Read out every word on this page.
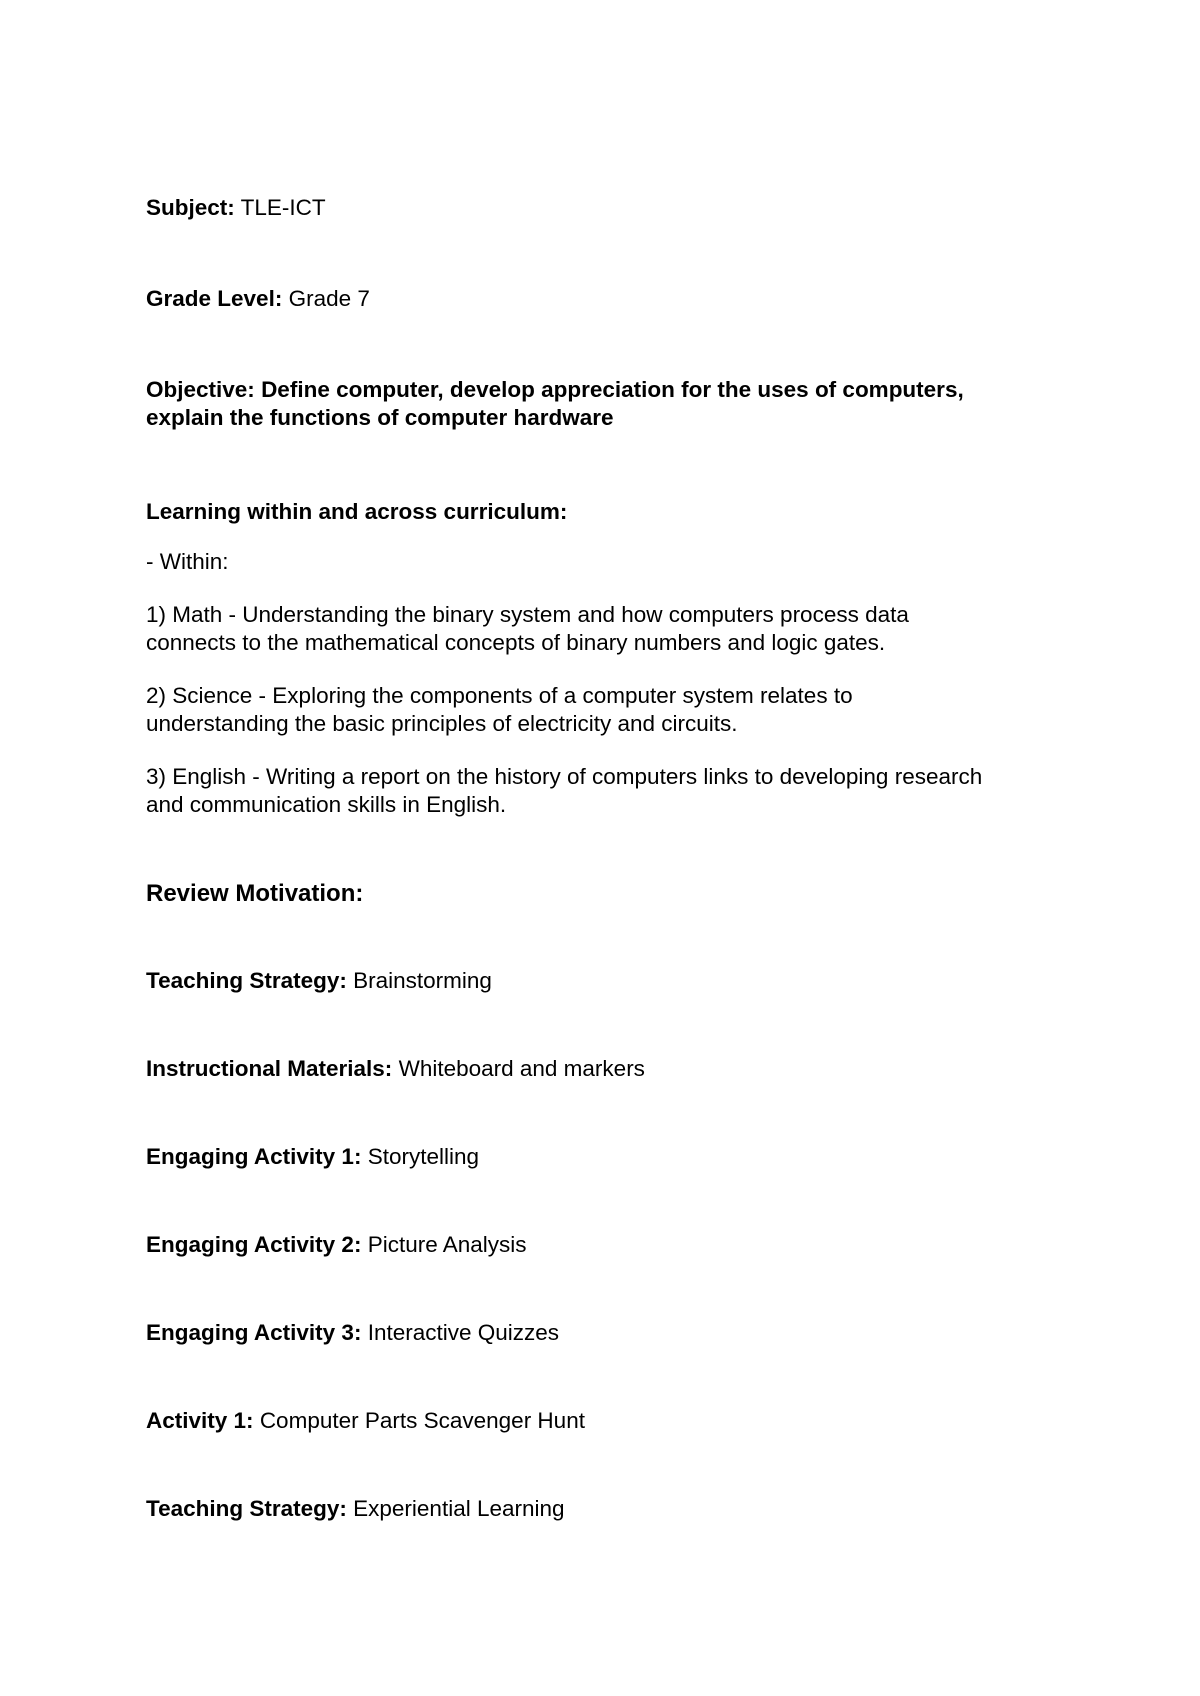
Subject: TLE-ICT
Grade Level: Grade 7
Objective: Define computer, develop appreciation for the uses of computers,
explain the functions of computer hardware
Learning within and across curriculum:
- Within:
1) Math - Understanding the binary system and how computers process data
connects to the mathematical concepts of binary numbers and logic gates.
2) Science - Exploring the components of a computer system relates to
understanding the basic principles of electricity and circuits.
3) English - Writing a report on the history of computers links to developing research
and communication skills in English.
Review Motivation:
Teaching Strategy: Brainstorming
Instructional Materials: Whiteboard and markers
Engaging Activity 1: Storytelling
Engaging Activity 2: Picture Analysis
Engaging Activity 3: Interactive Quizzes
Activity 1: Computer Parts Scavenger Hunt
Teaching Strategy: Experiential Learning
